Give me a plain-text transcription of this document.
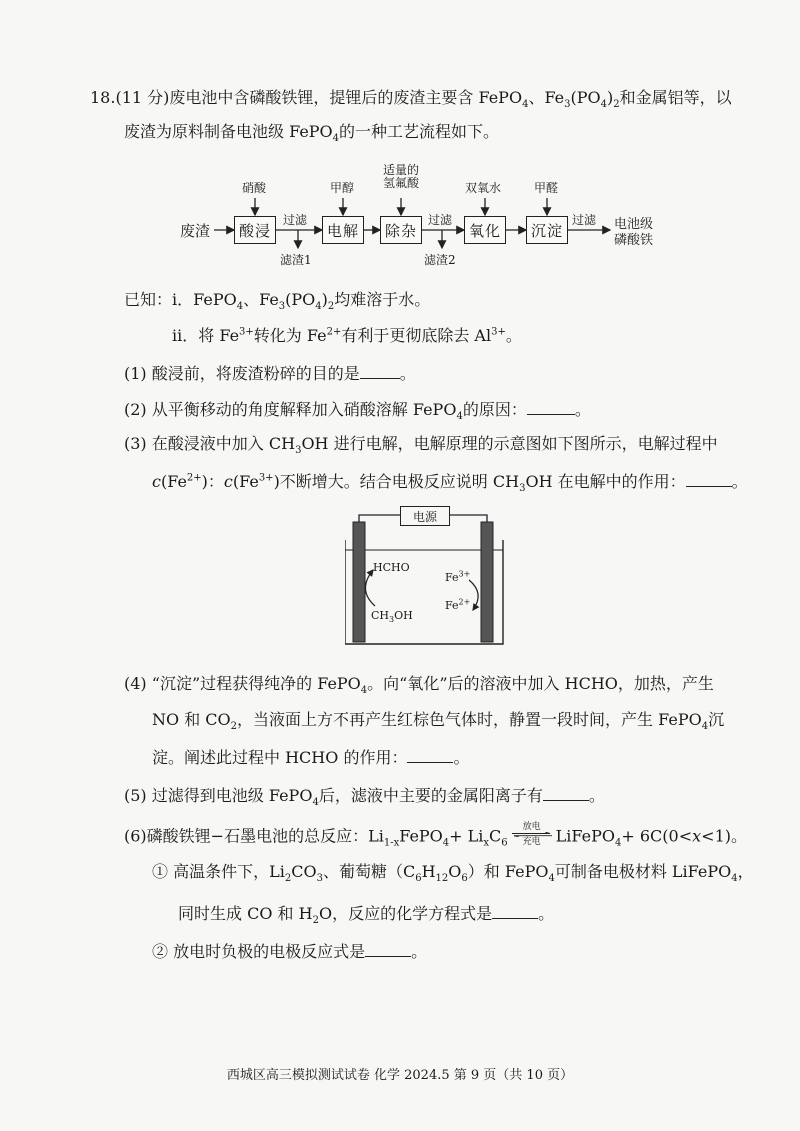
18.(11 分)废电池中含磷酸铁锂，提锂后的废渣主要含 FePO$_4$、$Fe_3(PO_4)_2$和金属铝等，以
废渣为原料制备电池级 FePO$_4$的一种工艺流程如下。
废渣	酸浸	电解	除杂	氧化	沉淀
硝酸	甲醇
适量的
氢氟酸	双氧水	甲醛
过滤	过滤	过滤
滤渣1	滤渣2
电池级
磷酸铁
已知：ⅰ．FePO$_4$、$Fe_3(PO_4)_2$均难溶于水。
ⅱ．将 $Fe^{3+}$转化为 $Fe^{2+}$有利于更彻底除去 $Al^{3+}$。
(1) 酸浸前，将废渣粉碎的目的是	。
(2) 从平衡移动的角度解释加入硝酸溶解 FePO$_4$的原因：	。
(3) 在酸浸液中加入 $CH_3OH$ 进行电解，电解原理的示意图如下图所示，电解过程中
$c(Fe^{2+})$：$c(Fe^{3+})$不断增大。结合电极反应说明 $CH_3OH$ 在电解中的作用：	。
电源
HCHO
$CH_3OH$
$Fe^{3+}$
$Fe^{2+}$
(4) “沉淀”过程获得纯净的 FePO$_4$。向“氧化”后的溶液中加入 HCHO，加热，产生
NO 和 $CO_2$，当液面上方不再产生红棕色气体时，静置一段时间，产生 FePO$_4$沉
淀。阐述此过程中 HCHO 的作用：	。
(5) 过滤得到电池级 FePO$_4$后，滤液中主要的金属阳离子有	。
(6)磷酸铁锂−石墨电池的总反应：$Li_{1-x}FePO_4+ Li_xC_6$放电
充电 LiFePO$_4$+ 6C(0<x<1)。
① 高温条件下，$Li_2CO_3$、葡萄糖$(C_6H_{12}O_6)$和 FePO$_4$可制备电极材料 LiFePO$_4$，
同时生成 CO 和 $H_2O$，反应的化学方程式是	。
② 放电时负极的电极反应式是	。
西城区高三模拟测试试卷 化学 2024.5 第 9 页（共 10 页）
